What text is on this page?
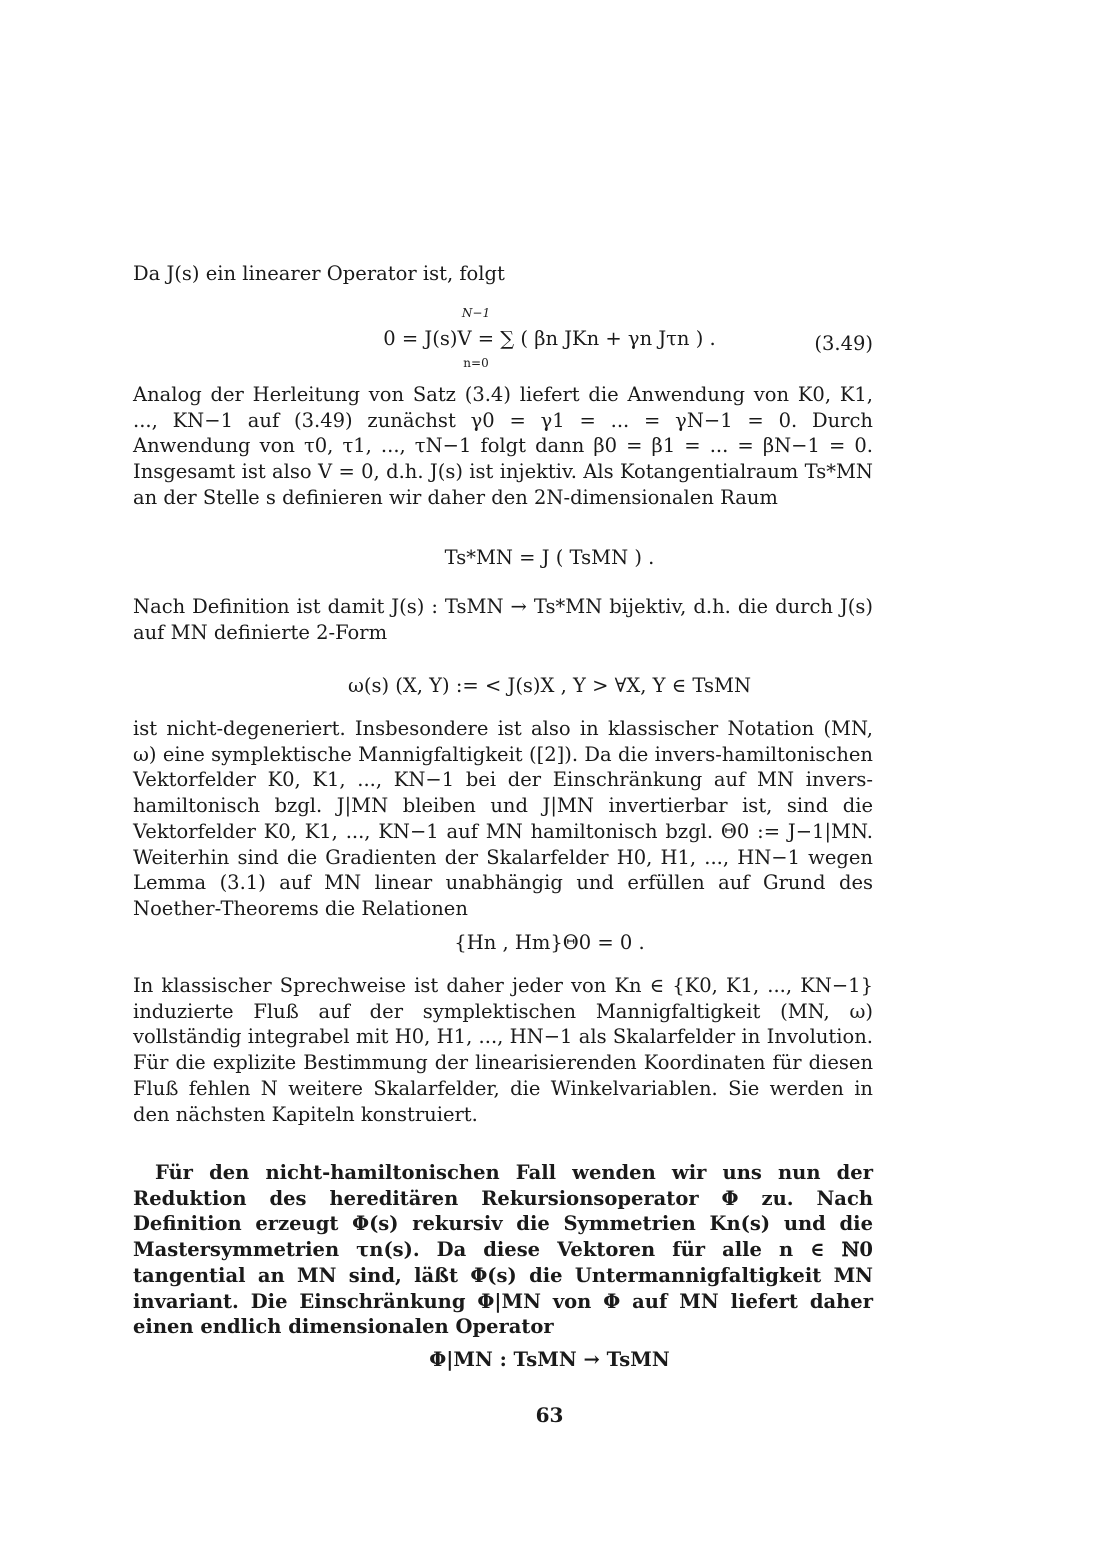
Da J(s) ein linearer Operator ist, folgt

N−1
0 = J(s)V = ∑ ( βn JKn + γn Jτn ) .
n=0

(3.49)

Analog der Herleitung von Satz (3.4) liefert die Anwendung von K0, K1, ..., KN−1 auf (3.49) zunächst γ0 = γ1 = ... = γN−1 = 0. Durch Anwendung von τ0, τ1, ..., τN−1 folgt dann β0 = β1 = ... = βN−1 = 0. Insgesamt ist also V = 0, d.h. J(s) ist injektiv. Als Kotangentialraum Ts*MN an der Stelle s definieren wir daher den 2N-dimensionalen Raum

Ts*MN = J ( TsMN ) .

Nach Definition ist damit J(s) : TsMN → Ts*MN bijektiv, d.h. die durch J(s) auf MN definierte 2-Form

ω(s) (X, Y) := < J(s)X , Y > ∀X, Y ∈ TsMN

ist nicht-degeneriert. Insbesondere ist also in klassischer Notation (MN, ω) eine symplektische Mannigfaltigkeit ([2]). Da die invers-hamiltonischen Vektorfelder K0, K1, ..., KN−1 bei der Einschränkung auf MN invers-hamiltonisch bzgl. J|MN bleiben und J|MN invertierbar ist, sind die Vektorfelder K0, K1, ..., KN−1 auf MN hamiltonisch bzgl. Θ0 := J−1|MN. Weiterhin sind die Gradienten der Skalarfelder H0, H1, ..., HN−1 wegen Lemma (3.1) auf MN linear unabhängig und erfüllen auf Grund des Noether-Theorems die Relationen

{Hn , Hm}Θ0 = 0 .

In klassischer Sprechweise ist daher jeder von Kn ∈ {K0, K1, ..., KN−1} induzierte Fluß auf der symplektischen Mannigfaltigkeit (MN, ω) vollständig integrabel mit H0, H1, ..., HN−1 als Skalarfelder in Involution. Für die explizite Bestimmung der linearisierenden Koordinaten für diesen Fluß fehlen N weitere Skalarfelder, die Winkelvariablen. Sie werden in den nächsten Kapiteln konstruiert.

Für den nicht-hamiltonischen Fall wenden wir uns nun der Reduktion des hereditären Rekursionsoperator Φ zu. Nach Definition erzeugt Φ(s) rekursiv die Symmetrien Kn(s) und die Mastersymmetrien τn(s). Da diese Vektoren für alle n ∈ ℕ0 tangential an MN sind, läßt Φ(s) die Untermannigfaltigkeit MN invariant. Die Einschränkung Φ|MN von Φ auf MN liefert daher einen endlich dimensionalen Operator

Φ|MN : TsMN → TsMN

63
